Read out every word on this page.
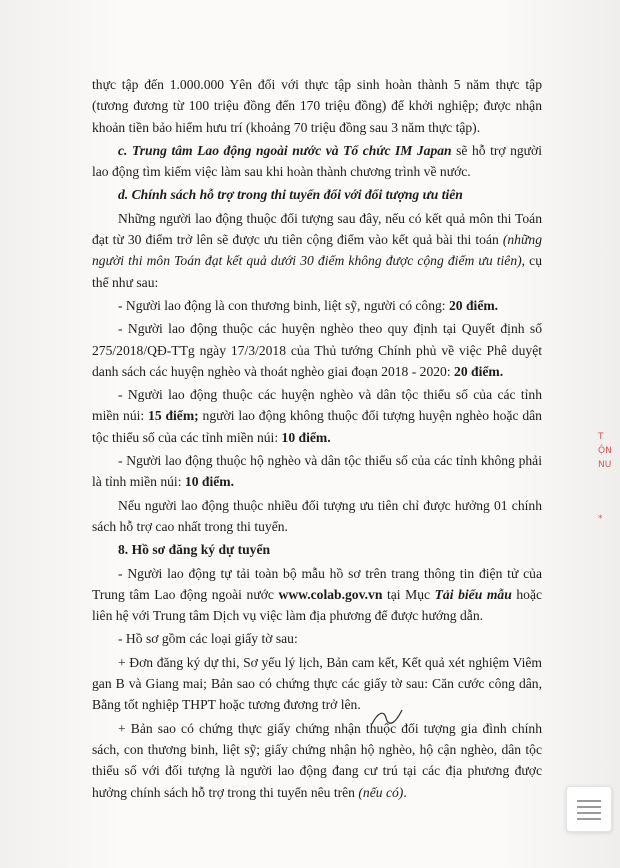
thực tập đến 1.000.000 Yên đối với thực tập sinh hoàn thành 5 năm thực tập (tương đương từ 100 triệu đồng đến 170 triệu đồng) để khởi nghiệp; được nhận khoản tiền bảo hiểm hưu trí (khoảng 70 triệu đồng sau 3 năm thực tập).

c. Trung tâm Lao động ngoài nước và Tổ chức IM Japan sẽ hỗ trợ người lao động tìm kiếm việc làm sau khi hoàn thành chương trình về nước.

d. Chính sách hỗ trợ trong thi tuyển đối với đối tượng ưu tiên

Những người lao động thuộc đối tượng sau đây, nếu có kết quả môn thi Toán đạt từ 30 điểm trở lên sẽ được ưu tiên cộng điểm vào kết quả bài thi toán (những người thi môn Toán đạt kết quả dưới 30 điểm không được cộng điểm ưu tiên), cụ thể như sau:

- Người lao động là con thương binh, liệt sỹ, người có công: 20 điểm.

- Người lao động thuộc các huyện nghèo theo quy định tại Quyết định số 275/2018/QĐ-TTg ngày 17/3/2018 của Thủ tướng Chính phủ về việc Phê duyệt danh sách các huyện nghèo và thoát nghèo giai đoạn 2018 - 2020: 20 điểm.

- Người lao động thuộc các huyện nghèo và dân tộc thiểu số của các tỉnh miền núi: 15 điểm; người lao động không thuộc đối tượng huyện nghèo hoặc dân tộc thiểu số của các tỉnh miền núi: 10 điểm.

- Người lao động thuộc hộ nghèo và dân tộc thiểu số của các tỉnh không phải là tỉnh miền núi: 10 điểm.

Nếu người lao động thuộc nhiều đối tượng ưu tiên chỉ được hưởng 01 chính sách hỗ trợ cao nhất trong thi tuyển.

8. Hồ sơ đăng ký dự tuyển

- Người lao động tự tải toàn bộ mẫu hồ sơ trên trang thông tin điện tử của Trung tâm Lao động ngoài nước www.colab.gov.vn tại Mục Tải biểu mẫu hoặc liên hệ với Trung tâm Dịch vụ việc làm địa phương để được hướng dẫn.

- Hồ sơ gồm các loại giấy tờ sau:

+ Đơn đăng ký dự thi, Sơ yếu lý lịch, Bản cam kết, Kết quả xét nghiệm Viêm gan B và Giang mai; Bản sao có chứng thực các giấy tờ sau: Căn cước công dân, Bằng tốt nghiệp THPT hoặc tương đương trở lên.

+ Bản sao có chứng thực giấy chứng nhận thuộc đối tượng gia đình chính sách, con thương binh, liệt sỹ; giấy chứng nhận hộ nghèo, hộ cận nghèo, dân tộc thiểu số với đối tượng là người lao động đang cư trú tại các địa phương được hưởng chính sách hỗ trợ trong thi tuyển nêu trên (nếu có).

T
ỘN
NU
*
